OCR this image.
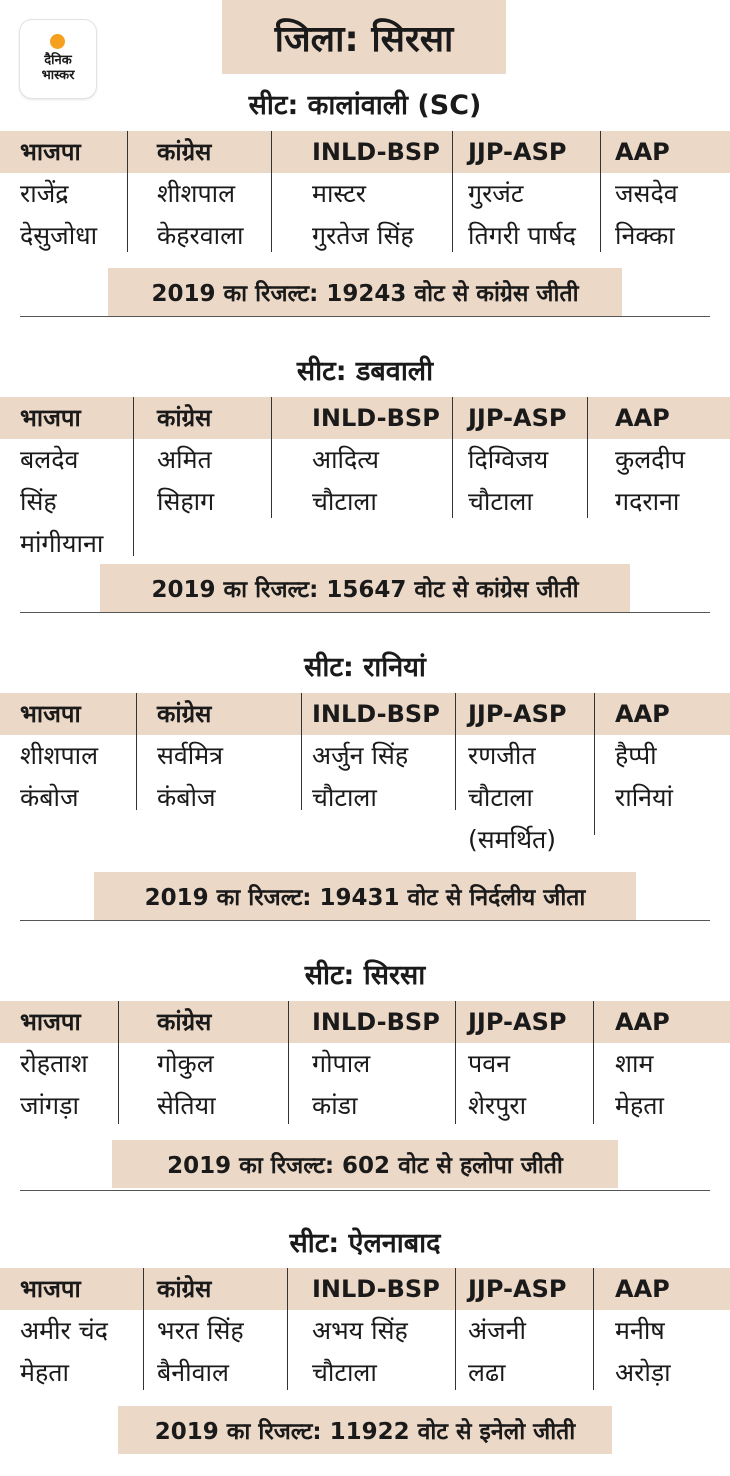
दैनिक
भास्कर
जिला: सिरसा
सीट: कालांवाली (SC)
भाजपा
राजेंद्र
देसुजोधा
कांग्रेस
शीशपाल
केहरवाला
INLD-BSP
मास्टर
गुरतेज सिंह
JJP-ASP
गुरजंट
तिगरी पार्षद
AAP
जसदेव
निक्का
2019 का रिजल्ट: 19243 वोट से कांग्रेस जीती
सीट: डबवाली
भाजपा
बलदेव
सिंह
मांगीयाना
कांग्रेस
अमित
सिहाग
INLD-BSP
आदित्य
चौटाला
JJP-ASP
दिग्विजय
चौटाला
AAP
कुलदीप
गदराना
2019 का रिजल्ट: 15647 वोट से कांग्रेस जीती
सीट: रानियां
भाजपा
शीशपाल
कंबोज
कांग्रेस
सर्वमित्र
कंबोज
INLD-BSP
अर्जुन सिंह
चौटाला
JJP-ASP
रणजीत
चौटाला
(समर्थित)
AAP
हैप्पी
रानियां
2019 का रिजल्ट: 19431 वोट से निर्दलीय जीता
सीट: सिरसा
भाजपा
रोहताश
जांगड़ा
कांग्रेस
गोकुल
सेतिया
INLD-BSP
गोपाल
कांडा
JJP-ASP
पवन
शेरपुरा
AAP
शाम
मेहता
2019 का रिजल्ट: 602 वोट से हलोपा जीती
सीट: ऐलनाबाद
भाजपा
अमीर चंद
मेहता
कांग्रेस
भरत सिंह
बैनीवाल
INLD-BSP
अभय सिंह
चौटाला
JJP-ASP
अंजनी
लढा
AAP
मनीष
अरोड़ा
2019 का रिजल्ट: 11922 वोट से इनेलो जीती
